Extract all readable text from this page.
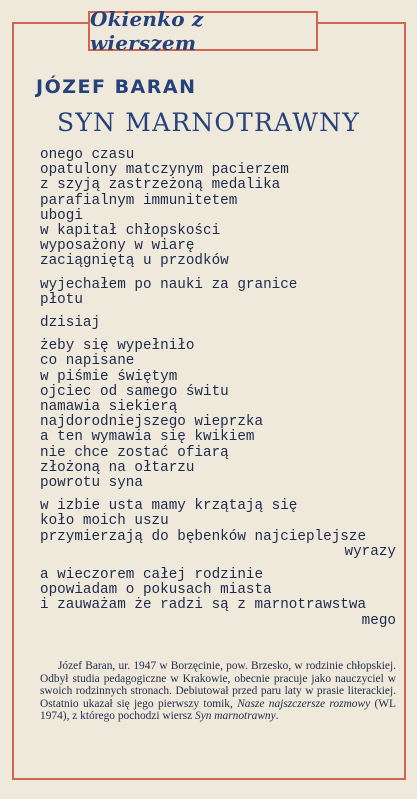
Okienko z wierszem
JÓZEF BARAN
SYN MARNOTRAWNY
onego czasu
opatulony matczynym pacierzem
z szyją zastrzeżoną medalika
parafialnym immunitetem
ubogi
w kapitał chłopskości
wyposażony w wiarę
zaciągniętą u przodków
wyjechałem po nauki za granice
płotu
dzisiaj
żeby się wypełniło
co napisane
w piśmie świętym
ojciec od samego świtu
namawia siekierą
najdorodniejszego wieprzka
a ten wymawia się kwikiem
nie chce zostać ofiarą
złożoną na ołtarzu
powrotu syna
w izbie usta mamy krzątają się
koło moich uszu
przymierzają do bębenków najcieplejsze
wyrazy
a wieczorem całej rodzinie
opowiadam o pokusach miasta
i zauważam że radzi są z marnotrawstwa
mego
Józef Baran, ur. 1947 w Borzęcinie, pow. Brzesko, w rodzinie chłopskiej. Odbył studia pedagogiczne w Krakowie, obecnie pracuje jako nauczyciel w swoich rodzinnych stronach. Debiutował przed paru laty w prasie literackiej. Ostatnio ukazał się jego pierwszy tomik, Nasze najszczersze rozmowy (WL 1974), z którego pochodzi wiersz Syn marnotrawny.
